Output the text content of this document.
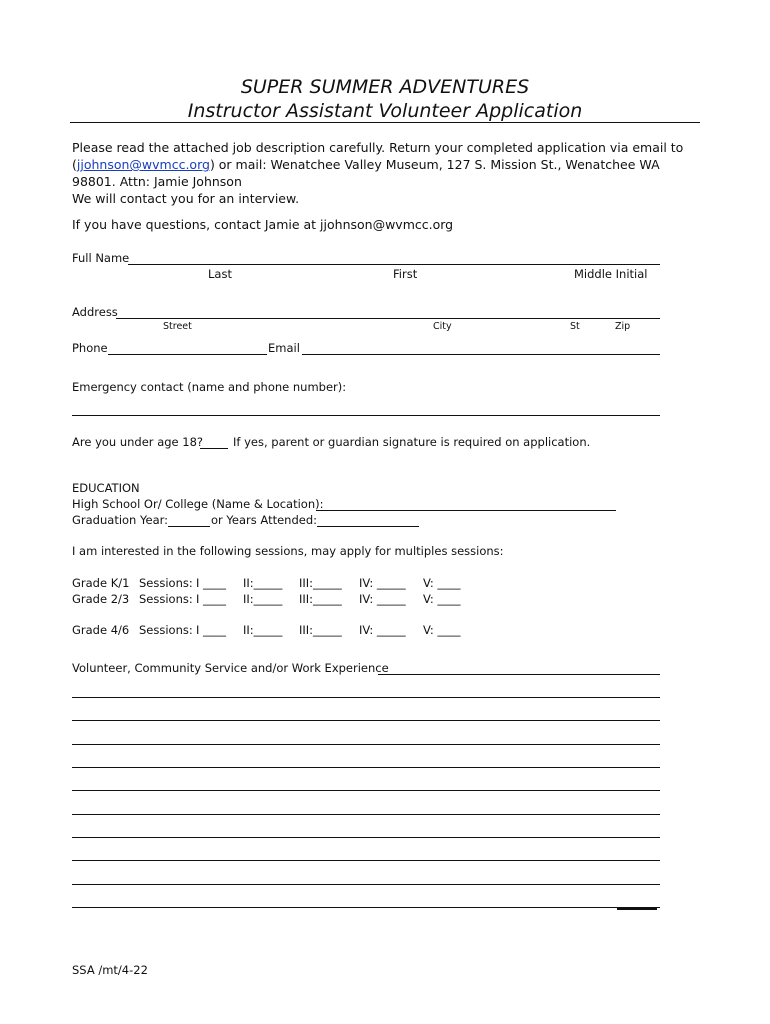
SUPER SUMMER ADVENTURES
Instructor Assistant Volunteer Application
Please read the attached job description carefully. Return your completed application via email to
(jjohnson@wvmcc.org) or mail: Wenatchee Valley Museum, 127 S. Mission St., Wenatchee WA
98801. Attn: Jamie Johnson
We will contact you for an interview.
If you have questions, contact Jamie at jjohnson@wvmcc.org
Full Name
Last	First	Middle Initial
Address
Street	City	St	Zip
Phone	Email
Emergency contact (name and phone number):
Are you under age 18?	If yes, parent or guardian signature is required on application.
EDUCATION
High School Or/ College (Name & Location):
Graduation Year:	or Years Attended:
I am interested in the following sessions, may apply for multiples sessions:
Grade K/1 Sessions: I ____ II:_____ III:_____ IV: _____ V: ____
Grade 2/3 Sessions: I ____ II:_____ III:_____ IV: _____ V: ____
Grade 4/6 Sessions: I ____ II:_____ III:_____ IV: _____ V: ____
Volunteer, Community Service and/or Work Experience
SSA /mt/4-22
